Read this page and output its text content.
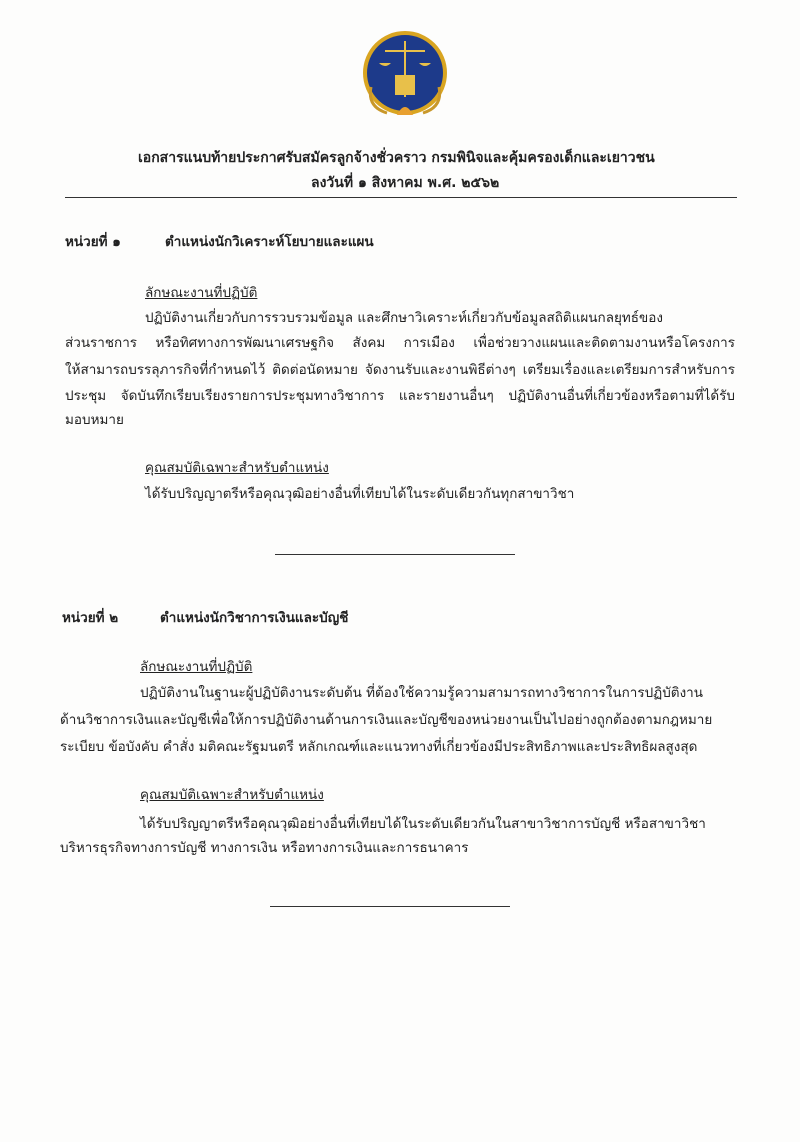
เอกสารแนบท้ายประกาศรับสมัครลูกจ้างชั่วคราว กรมพินิจและคุ้มครองเด็กและเยาวชน
ลงวันที่ ๑ สิงหาคม พ.ศ. ๒๕๖๒
หน่วยที่ ๑	ตำแหน่งนักวิเคราะห์โยบายและแผน
ลักษณะงานที่ปฏิบัติ
ปฏิบัติงานเกี่ยวกับการรวบรวมข้อมูล และศึกษาวิเคราะห์เกี่ยวกับข้อมูลสถิติแผนกลยุทธ์ของ
ส่วนราชการ หรือทิศทางการพัฒนาเศรษฐกิจ สังคม การเมือง เพื่อช่วยวางแผนและติดตามงานหรือโครงการ
ให้สามารถบรรลุภารกิจที่กำหนดไว้ ติดต่อนัดหมาย จัดงานรับและงานพิธีต่างๆ เตรียมเรื่องและเตรียมการสำหรับการ
ประชุม จัดบันทึกเรียบเรียงรายการประชุมทางวิชาการ และรายงานอื่นๆ ปฏิบัติงานอื่นที่เกี่ยวข้องหรือตามที่ได้รับ
มอบหมาย
คุณสมบัติเฉพาะสำหรับตำแหน่ง
ได้รับปริญญาตรีหรือคุณวุฒิอย่างอื่นที่เทียบได้ในระดับเดียวกันทุกสาขาวิชา
หน่วยที่ ๒	ตำแหน่งนักวิชาการเงินและบัญชี
ลักษณะงานที่ปฏิบัติ
ปฏิบัติงานในฐานะผู้ปฏิบัติงานระดับต้น ที่ต้องใช้ความรู้ความสามารถทางวิชาการในการปฏิบัติงาน
ด้านวิชาการเงินและบัญชีเพื่อให้การปฏิบัติงานด้านการเงินและบัญชีของหน่วยงานเป็นไปอย่างถูกต้องตามกฎหมาย
ระเบียบ ข้อบังคับ คำสั่ง มติคณะรัฐมนตรี หลักเกณฑ์และแนวทางที่เกี่ยวข้องมีประสิทธิภาพและประสิทธิผลสูงสุด
คุณสมบัติเฉพาะสำหรับตำแหน่ง
ได้รับปริญญาตรีหรือคุณวุฒิอย่างอื่นที่เทียบได้ในระดับเดียวกันในสาขาวิชาการบัญชี หรือสาขาวิชา
บริหารธุรกิจทางการบัญชี ทางการเงิน หรือทางการเงินและการธนาคาร
